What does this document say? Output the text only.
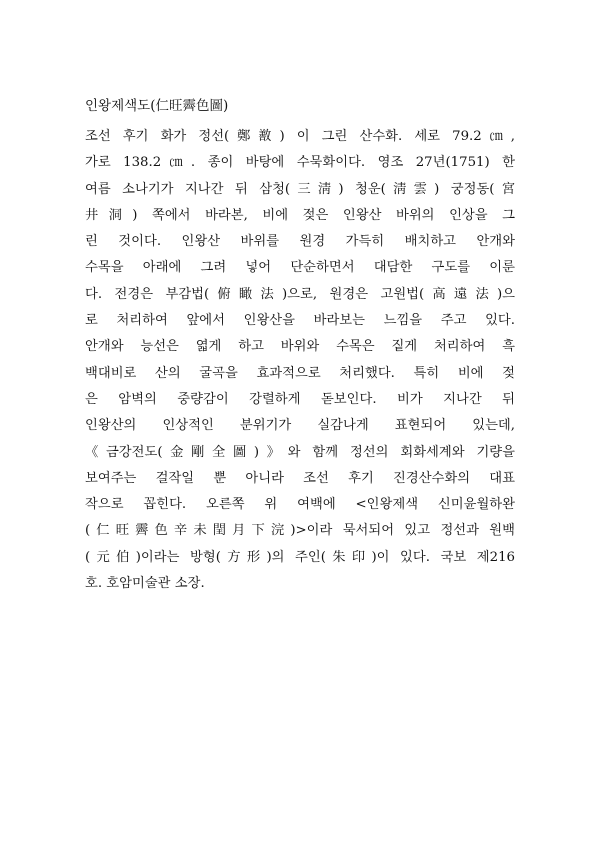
인왕제색도(仁旺霽色圖)
조선 후기 화가 정선(鄭敾) 이 그린 산수화. 세로 79.2㎝,
가로 138.2㎝. 종이 바탕에 수묵화이다. 영조 27년(1751) 한
여름 소나기가 지나간 뒤 삼청(三淸) 청운(淸雲) 궁정동(宮
井洞) 쪽에서 바라본, 비에 젖은 인왕산 바위의 인상을 그
린 것이다. 인왕산 바위를 원경 가득히 배치하고 안개와
수목을 아래에 그려 넣어 단순하면서 대담한 구도를 이룬
다. 전경은 부감법(俯瞰法)으로, 원경은 고원법(高遠法)으
로 처리하여 앞에서 인왕산을 바라보는 느낌을 주고 있다.
안개와 능선은 엷게 하고 바위와 수목은 짙게 처리하여 흑
백대비로 산의 굴곡을 효과적으로 처리했다. 특히 비에 젖
은 암벽의 중량감이 강렬하게 돋보인다. 비가 지나간 뒤
인왕산의 인상적인 분위기가 실감나게 표현되어 있는데,
《금강전도(金剛全圖)》와 함께 정선의 회화세계와 기량을
보여주는 걸작일 뿐 아니라 조선 후기 진경산수화의 대표
작으로 꼽힌다. 오른쪽 위 여백에 <인왕제색 신미윤월하완
(仁旺霽色辛未閏月下浣)>이라 묵서되어 있고 정선과 원백
(元伯)이라는 방형(方形)의 주인(朱印)이 있다. 국보 제216
호. 호암미술관 소장.
